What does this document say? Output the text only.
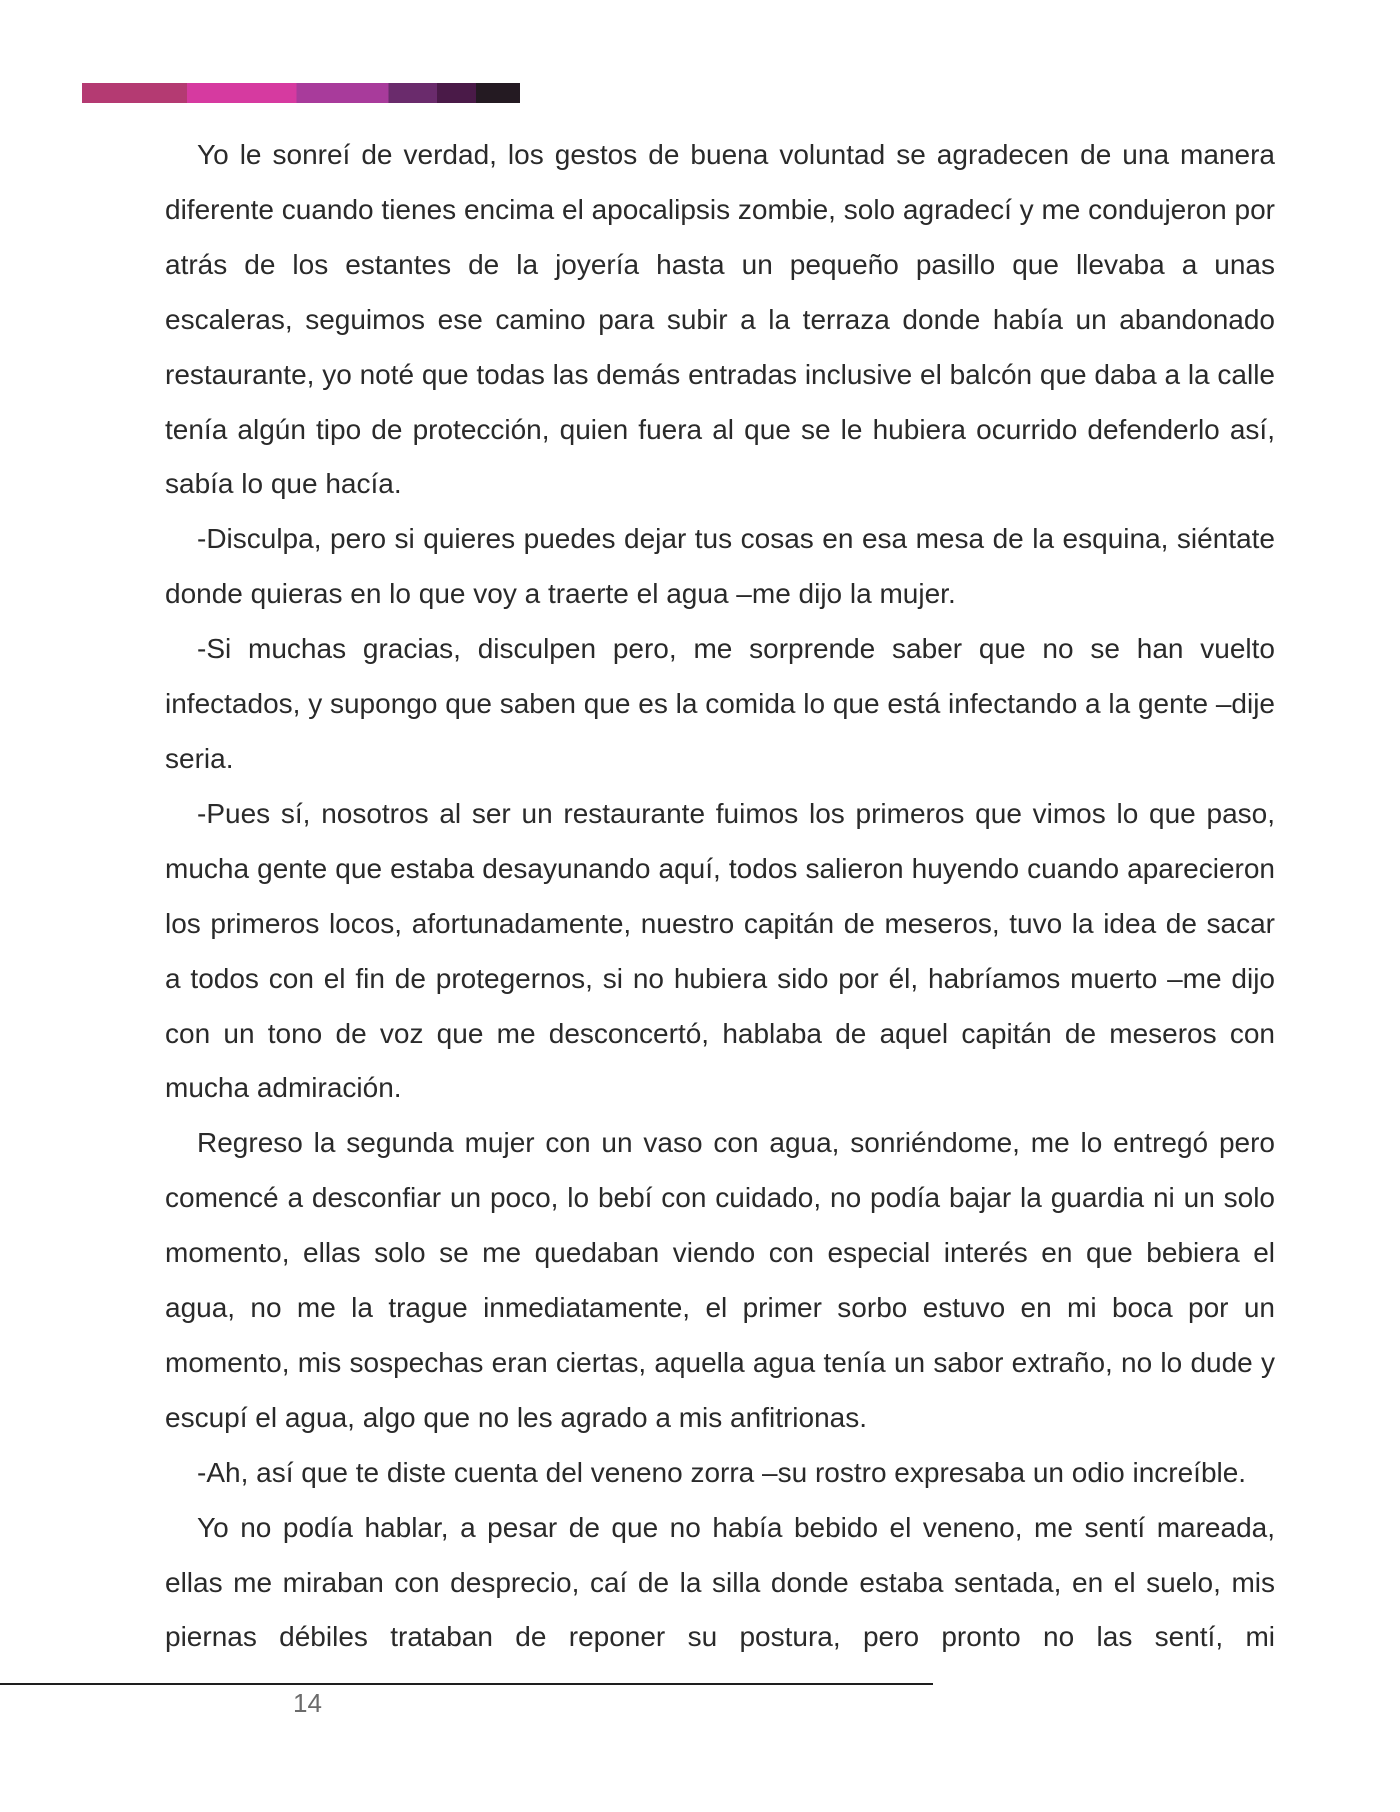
Yo le sonreí de verdad, los gestos de buena voluntad se agradecen de una manera diferente cuando tienes encima el apocalipsis zombie, solo agradecí y me condujeron por atrás de los estantes de la joyería hasta un pequeño pasillo que llevaba a unas escaleras, seguimos ese camino para subir a la terraza donde había un abandonado restaurante, yo noté que todas las demás entradas inclusive el balcón que daba a la calle tenía algún tipo de protección, quien fuera al que se le hubiera ocurrido defenderlo así, sabía lo que hacía.

-Disculpa, pero si quieres puedes dejar tus cosas en esa mesa de la esquina, siéntate donde quieras en lo que voy a traerte el agua –me dijo la mujer.

-Si muchas gracias, disculpen pero, me sorprende saber que no se han vuelto infectados, y supongo que saben que es la comida lo que está infectando a la gente –dije seria.

-Pues sí, nosotros al ser un restaurante fuimos los primeros que vimos lo que paso, mucha gente que estaba desayunando aquí, todos salieron huyendo cuando aparecieron los primeros locos, afortunadamente, nuestro capitán de meseros, tuvo la idea de sacar a todos con el fin de protegernos, si no hubiera sido por él, habríamos muerto –me dijo con un tono de voz que me desconcertó, hablaba de aquel capitán de meseros con mucha admiración.

Regreso la segunda mujer con un vaso con agua, sonriéndome, me lo entregó pero comencé a desconfiar un poco, lo bebí con cuidado, no podía bajar la guardia ni un solo momento, ellas solo se me quedaban viendo con especial interés en que bebiera el agua, no me la trague inmediatamente, el primer sorbo estuvo en mi boca por un momento, mis sospechas eran ciertas, aquella agua tenía un sabor extraño, no lo dude y escupí el agua, algo que no les agrado a mis anfitrionas.

-Ah, así que te diste cuenta del veneno zorra –su rostro expresaba un odio increíble.

Yo no podía hablar, a pesar de que no había bebido el veneno, me sentí mareada, ellas me miraban con desprecio, caí de la silla donde estaba sentada, en el suelo, mis piernas débiles trataban de reponer su postura, pero pronto no las sentí, mi

14
